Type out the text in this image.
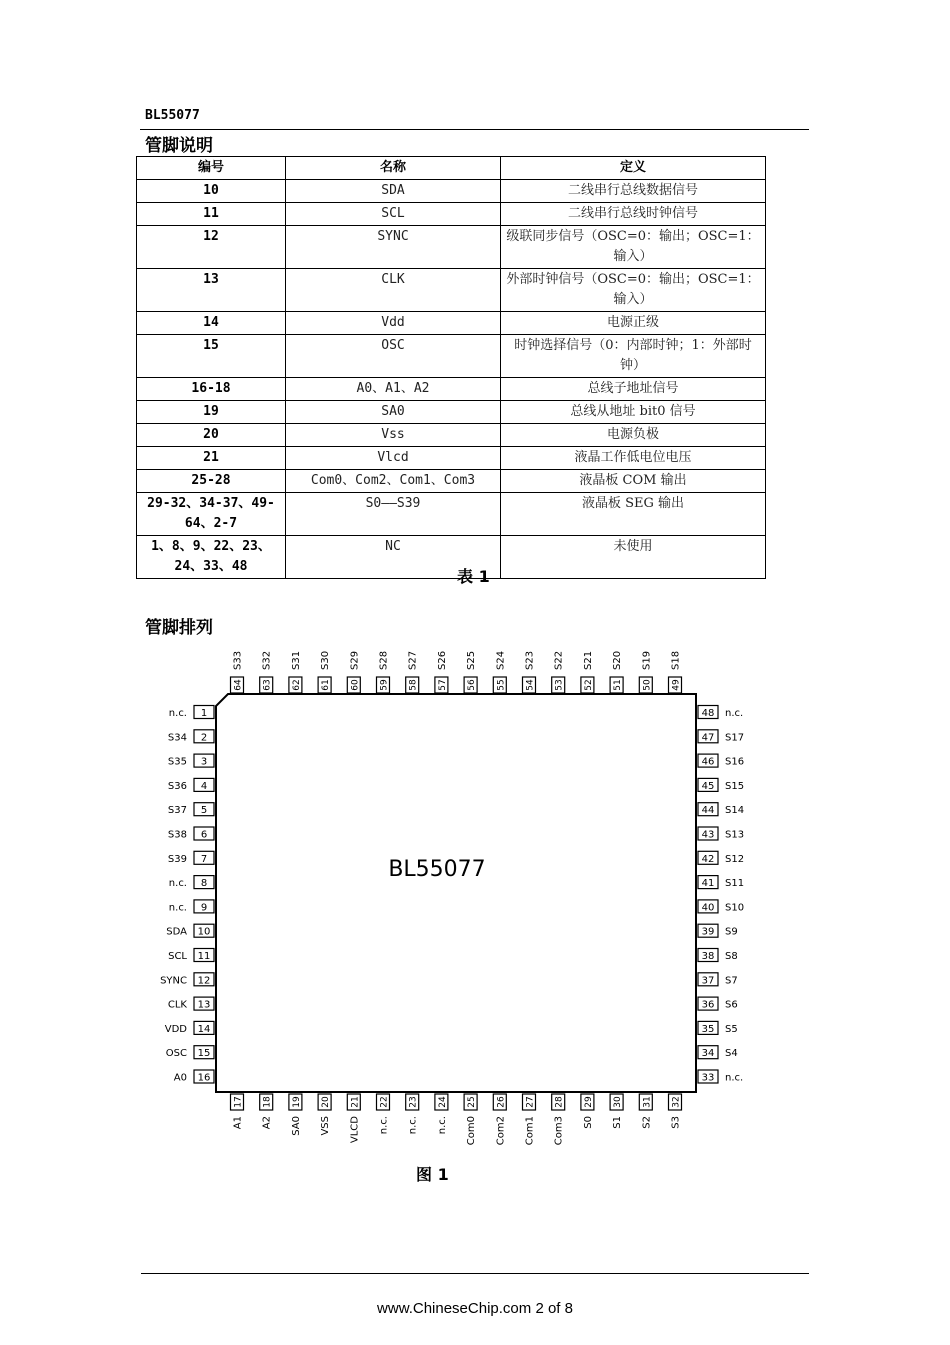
BL55077
管脚说明
编号	名称	定义
10	SDA	二线串行总线数据信号
11	SCL	二线串行总线时钟信号
12	SYNC	级联同步信号（OSC=0：输出；OSC=1：输入）
13	CLK	外部时钟信号（OSC=0：输出；OSC=1：输入）
14	Vdd	电源正级
15	OSC	时钟选择信号（0：内部时钟；1：外部时钟）
16-18	A0、A1、A2	总线子地址信号
19	SA0	总线从地址 bit0 信号
20	Vss	电源负极
21	Vlcd	液晶工作低电位电压
25-28	Com0、Com2、Com1、Com3	液晶板 COM 输出
29-32、34-37、49-64、2-7	S0——S39	液晶板 SEG 输出
1、8、9、22、23、24、33、48	NC	未使用
表 1
管脚排列
BL55077
1
n.c.
2
S34
3
S35
4
S36
5
S37
6
S38
7
S39
8
n.c.
9
n.c.
10
SDA
11
SCL
12
SYNC
13
CLK
14
VDD
15
OSC
16
A0
48 n.c.
47 S17
46 S16
45 S15
44 S14
43 S13
42 S12
41 S11
40 S10
39 S9
38 S8
37 S7
36 S6
35 S5
34 S4
33 n.c.
64
S33
63
S32
62
S31
61
S30
60
S29
59
S28
58
S27
57
S26
56
S25
55
S24
54
S23
53
S22
52
S21
51
S20
50
S19
49
S18
17
A1
18
A2
19
SA0
20
VSS
21
VLCD
22
n.c.
23
n.c.
24
n.c.
25
Com0
26
Com2
27
Com1
28
Com3
29
S0
30
S1
31
S2
32
S3
图 1
www.ChineseChip.com 2 of 8
